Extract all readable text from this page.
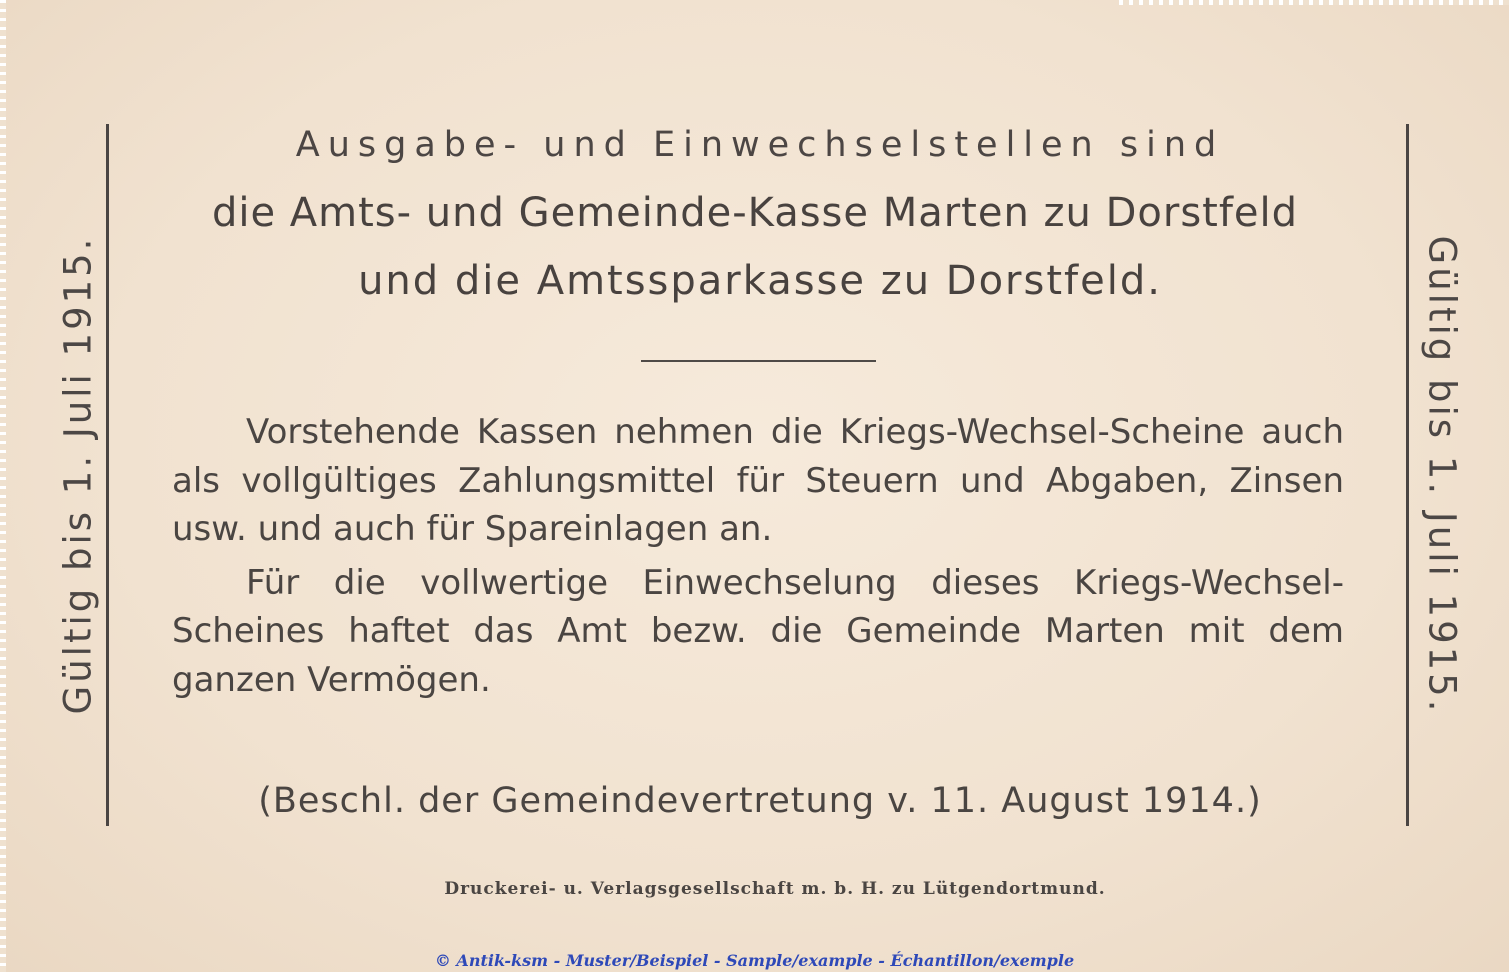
Gültig bis 1. Juli 1915.	Gültig bis 1. Juli 1915.
Ausgabe- und Einwechselstellen sind
die Amts- und Gemeinde-Kasse Marten zu Dorstfeld
und die Amtssparkasse zu Dorstfeld.

Vorstehende Kassen nehmen die Kriegs-Wechsel-Scheine auch als vollgültiges Zahlungsmittel für Steuern und Abgaben, Zinsen usw. und auch für Spareinlagen an.

Für die vollwertige Einwechselung dieses Kriegs-Wechsel-Scheines haftet das Amt bezw. die Gemeinde Marten mit dem ganzen Vermögen.

(Beschl. der Gemeindevertretung v. 11. August 1914.)
Druckerei- u. Verlagsgesellschaft m. b. H. zu Lütgendortmund.
© Antik-ksm - Muster/Beispiel - Sample/example - Échantillon/exemple
